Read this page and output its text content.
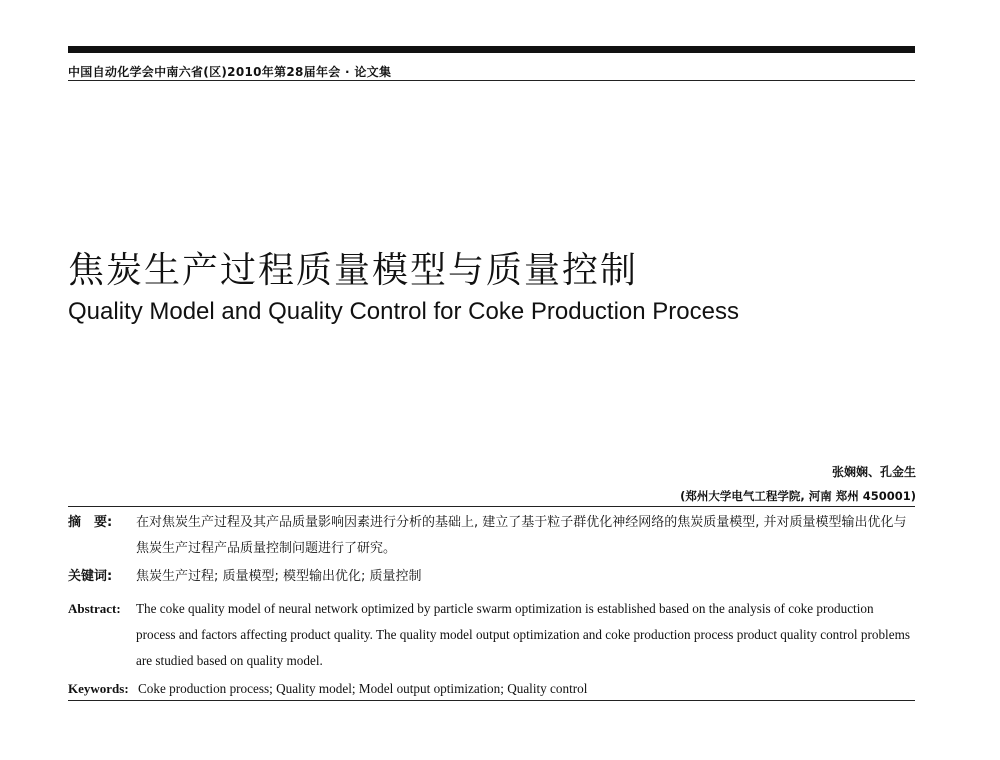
中国自动化学会中南六省(区)2010年第28届年会 · 论文集
焦炭生产过程质量模型与质量控制
Quality Model and Quality Control for Coke Production Process
张娴娴、孔金生
(郑州大学电气工程学院, 河南 郑州 450001)
摘　要:	在对焦炭生产过程及其产品质量影响因素进行分析的基础上, 建立了基于粒子群优化神经网络的焦炭质量模型, 并对质量模型输出优化与焦炭生产过程产品质量控制问题进行了研究。
关键词:	焦炭生产过程; 质量模型; 模型输出优化; 质量控制
Abstract:	The coke quality model of neural network optimized by particle swarm optimization is established based on the analysis of coke production process and factors affecting product quality. The quality model output optimization and coke production process product quality control problems are studied based on quality model.
Keywords: Coke production process; Quality model; Model output optimization; Quality control
